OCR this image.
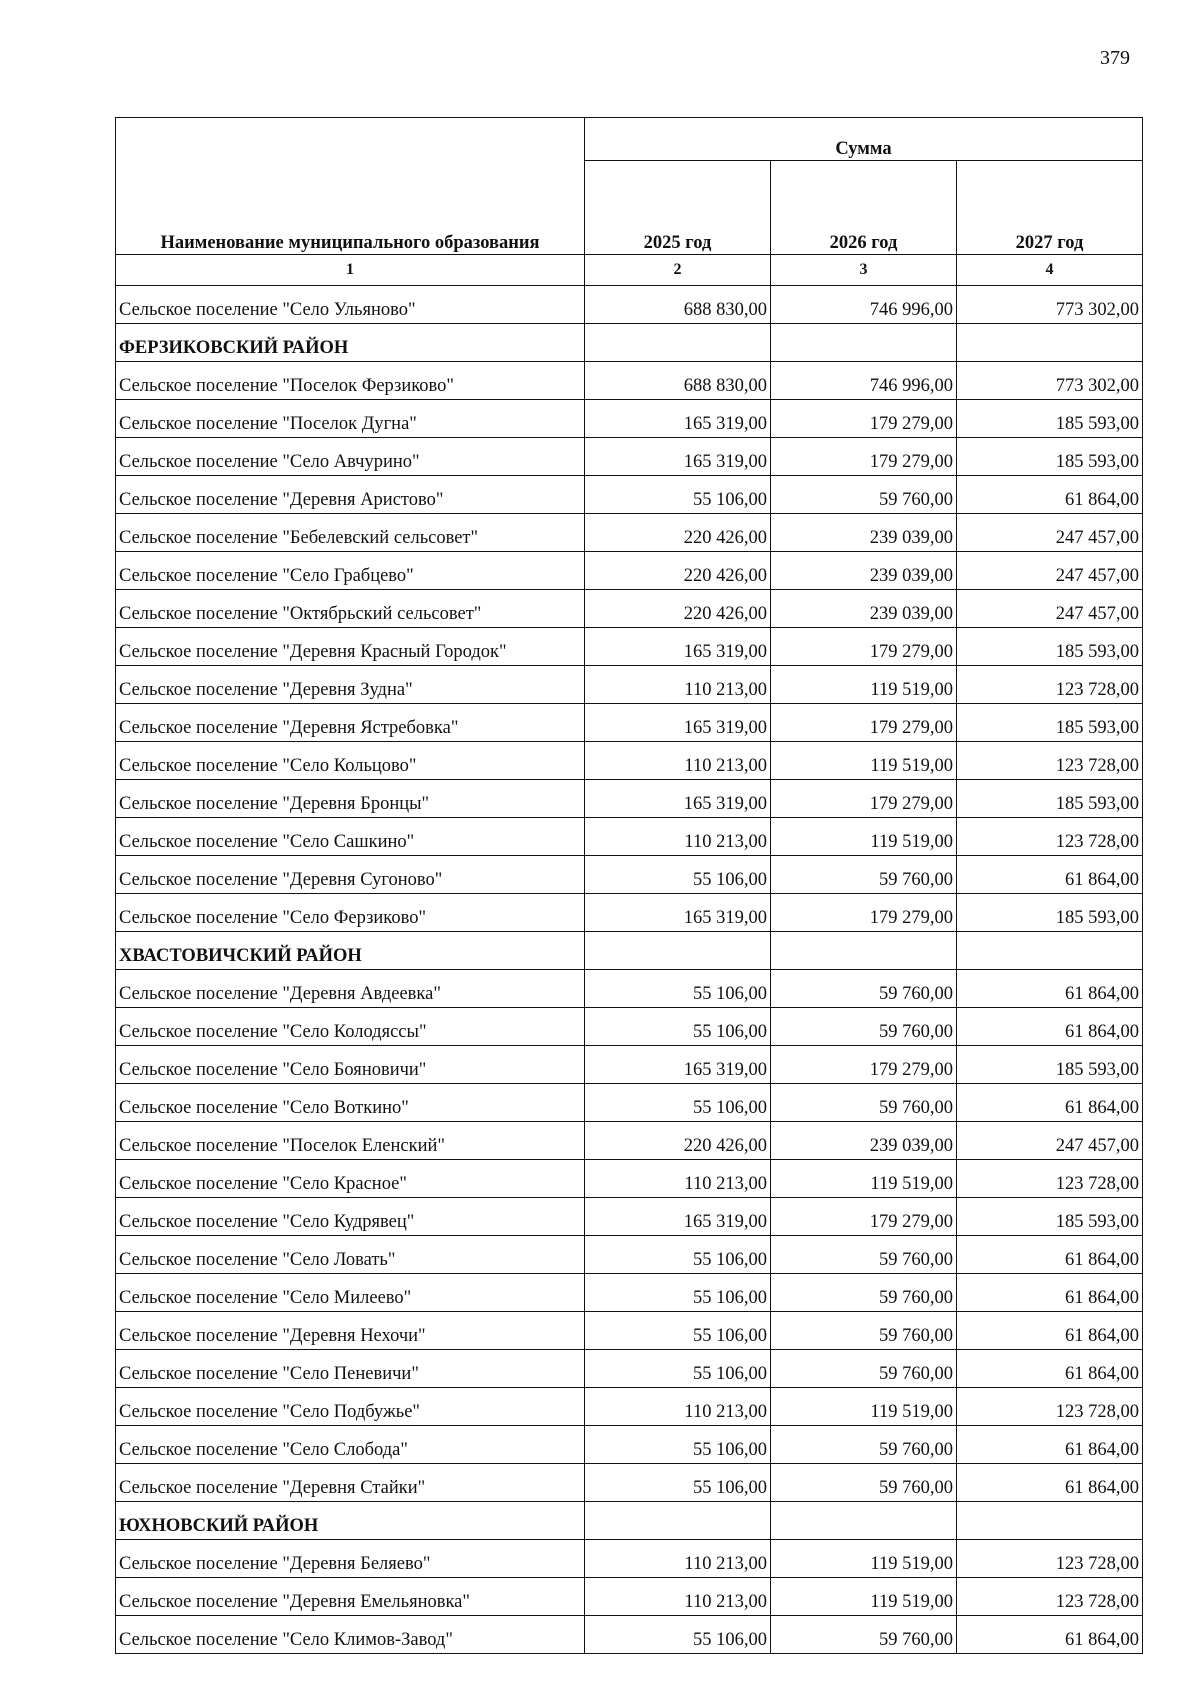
379
Наименование муниципального образования	Сумма		
	2025 год	2026 год	2027 год
1	2	3	4
Сельское поселение "Село Ульяново"	688 830,00	746 996,00	773 302,00
ФЕРЗИКОВСКИЙ РАЙОН			
Сельское поселение "Поселок Ферзиково"	688 830,00	746 996,00	773 302,00
Сельское поселение "Поселок Дугна"	165 319,00	179 279,00	185 593,00
Сельское поселение "Село Авчурино"	165 319,00	179 279,00	185 593,00
Сельское поселение "Деревня Аристово"	55 106,00	59 760,00	61 864,00
Сельское поселение "Бебелевский сельсовет"	220 426,00	239 039,00	247 457,00
Сельское поселение "Село Грабцево"	220 426,00	239 039,00	247 457,00
Сельское поселение "Октябрьский сельсовет"	220 426,00	239 039,00	247 457,00
Сельское поселение "Деревня Красный Городок"	165 319,00	179 279,00	185 593,00
Сельское поселение "Деревня Зудна"	110 213,00	119 519,00	123 728,00
Сельское поселение "Деревня Ястребовка"	165 319,00	179 279,00	185 593,00
Сельское поселение "Село Кольцово"	110 213,00	119 519,00	123 728,00
Сельское поселение "Деревня Бронцы"	165 319,00	179 279,00	185 593,00
Сельское поселение "Село Сашкино"	110 213,00	119 519,00	123 728,00
Сельское поселение "Деревня Сугоново"	55 106,00	59 760,00	61 864,00
Сельское поселение "Село Ферзиково"	165 319,00	179 279,00	185 593,00
ХВАСТОВИЧСКИЙ РАЙОН			
Сельское поселение "Деревня Авдеевка"	55 106,00	59 760,00	61 864,00
Сельское поселение "Село Колодяссы"	55 106,00	59 760,00	61 864,00
Сельское поселение "Село Бояновичи"	165 319,00	179 279,00	185 593,00
Сельское поселение "Село Воткино"	55 106,00	59 760,00	61 864,00
Сельское поселение "Поселок Еленский"	220 426,00	239 039,00	247 457,00
Сельское поселение "Село Красное"	110 213,00	119 519,00	123 728,00
Сельское поселение "Село Кудрявец"	165 319,00	179 279,00	185 593,00
Сельское поселение "Село Ловать"	55 106,00	59 760,00	61 864,00
Сельское поселение "Село Милеево"	55 106,00	59 760,00	61 864,00
Сельское поселение "Деревня Нехочи"	55 106,00	59 760,00	61 864,00
Сельское поселение "Село Пеневичи"	55 106,00	59 760,00	61 864,00
Сельское поселение "Село Подбужье"	110 213,00	119 519,00	123 728,00
Сельское поселение "Село Слобода"	55 106,00	59 760,00	61 864,00
Сельское поселение "Деревня Стайки"	55 106,00	59 760,00	61 864,00
ЮХНОВСКИЙ РАЙОН			
Сельское поселение "Деревня Беляево"	110 213,00	119 519,00	123 728,00
Сельское поселение "Деревня Емельяновка"	110 213,00	119 519,00	123 728,00
Сельское поселение "Село Климов-Завод"	55 106,00	59 760,00	61 864,00
